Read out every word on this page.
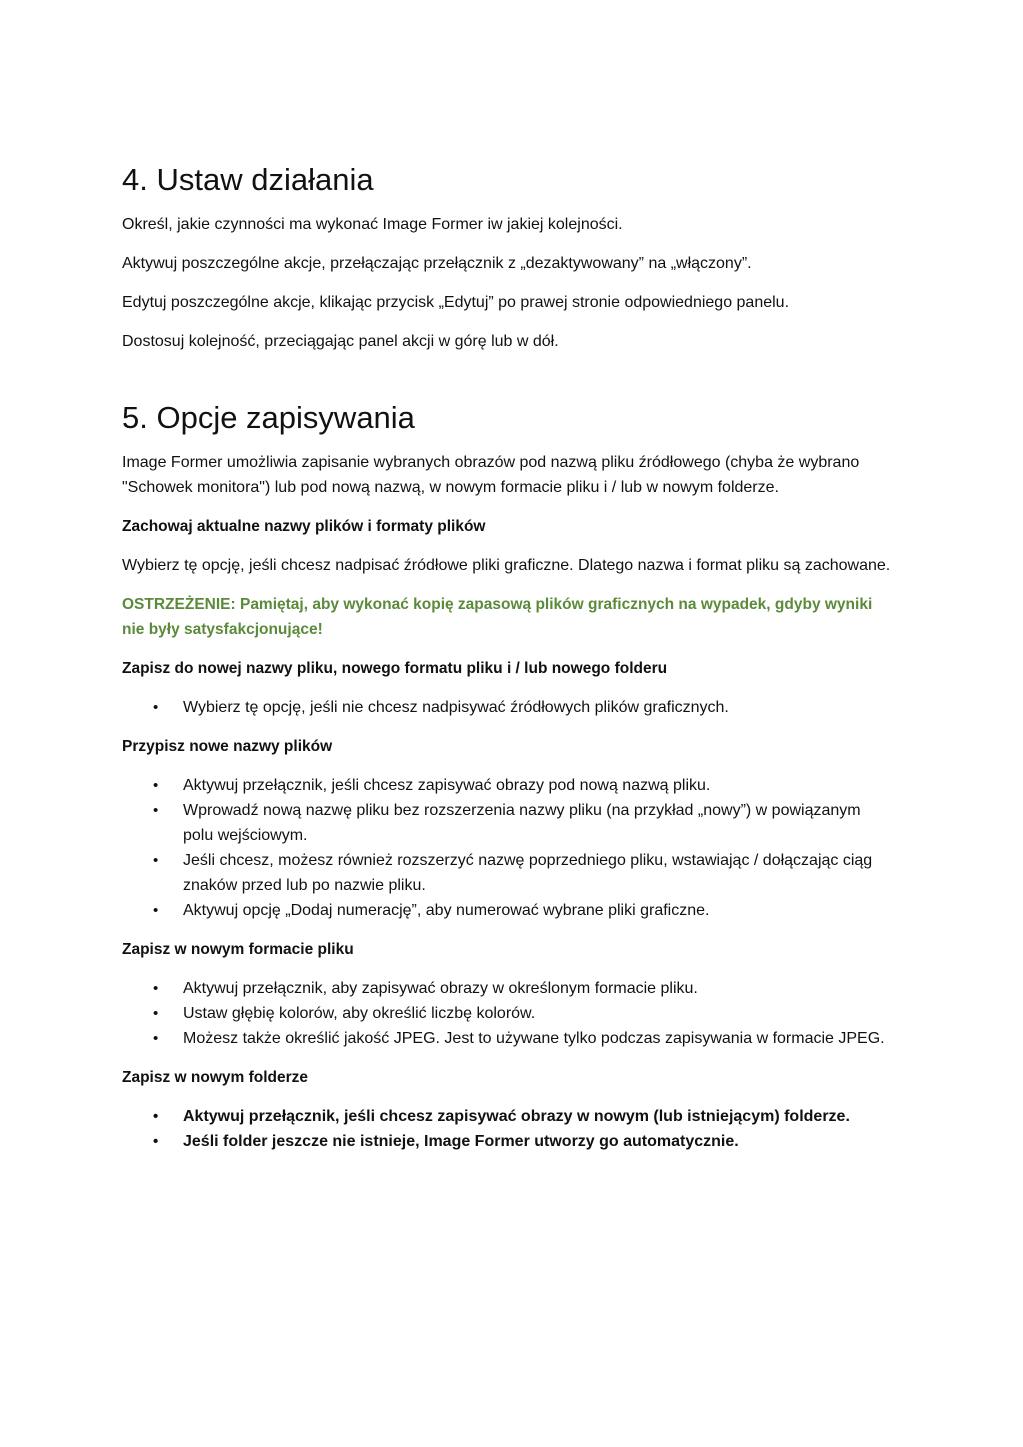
4. Ustaw działania

Określ, jakie czynności ma wykonać Image Former iw jakiej kolejności.

Aktywuj poszczególne akcje, przełączając przełącznik z „dezaktywowany” na „włączony”.

Edytuj poszczególne akcje, klikając przycisk „Edytuj” po prawej stronie odpowiedniego panelu.

Dostosuj kolejność, przeciągając panel akcji w górę lub w dół.

5. Opcje zapisywania

Image Former umożliwia zapisanie wybranych obrazów pod nazwą pliku źródłowego (chyba że wybrano "Schowek monitora") lub pod nową nazwą, w nowym formacie pliku i / lub w nowym folderze.

Zachowaj aktualne nazwy plików i formaty plików

Wybierz tę opcję, jeśli chcesz nadpisać źródłowe pliki graficzne. Dlatego nazwa i format pliku są zachowane.

OSTRZEŻENIE: Pamiętaj, aby wykonać kopię zapasową plików graficznych na wypadek, gdyby wyniki nie były satysfakcjonujące!

Zapisz do nowej nazwy pliku, nowego formatu pliku i / lub nowego folderu

• Wybierz tę opcję, jeśli nie chcesz nadpisywać źródłowych plików graficznych.

Przypisz nowe nazwy plików

• Aktywuj przełącznik, jeśli chcesz zapisywać obrazy pod nową nazwą pliku.
• Wprowadź nową nazwę pliku bez rozszerzenia nazwy pliku (na przykład „nowy”) w powiązanym polu wejściowym.
• Jeśli chcesz, możesz również rozszerzyć nazwę poprzedniego pliku, wstawiając / dołączając ciąg znaków przed lub po nazwie pliku.
• Aktywuj opcję „Dodaj numerację”, aby numerować wybrane pliki graficzne.

Zapisz w nowym formacie pliku

• Aktywuj przełącznik, aby zapisywać obrazy w określonym formacie pliku.
• Ustaw głębię kolorów, aby określić liczbę kolorów.
• Możesz także określić jakość JPEG. Jest to używane tylko podczas zapisywania w formacie JPEG.

Zapisz w nowym folderze

• Aktywuj przełącznik, jeśli chcesz zapisywać obrazy w nowym (lub istniejącym) folderze.
• Jeśli folder jeszcze nie istnieje, Image Former utworzy go automatycznie.
